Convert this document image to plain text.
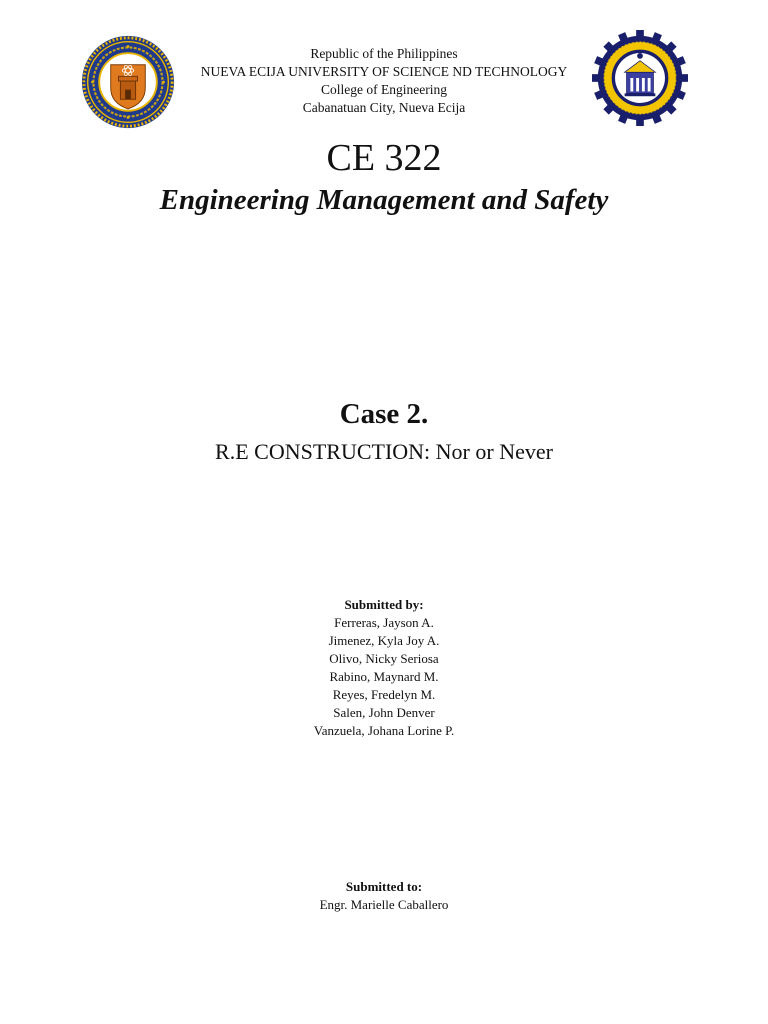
Republic of the Philippines
NUEVA ECIJA UNIVERSITY OF SCIENCE ND TECHNOLOGY
College of Engineering
Cabanatuan City, Nueva Ecija
CE 322
Engineering Management and Safety
Case 2.
R.E CONSTRUCTION: Nor or Never
Submitted by:
Ferreras, Jayson A.
Jimenez, Kyla Joy A.
Olivo, Nicky Seriosa
Rabino, Maynard M.
Reyes, Fredelyn M.
Salen, John Denver
Vanzuela, Johana Lorine P.
Submitted to:
Engr. Marielle Caballero
